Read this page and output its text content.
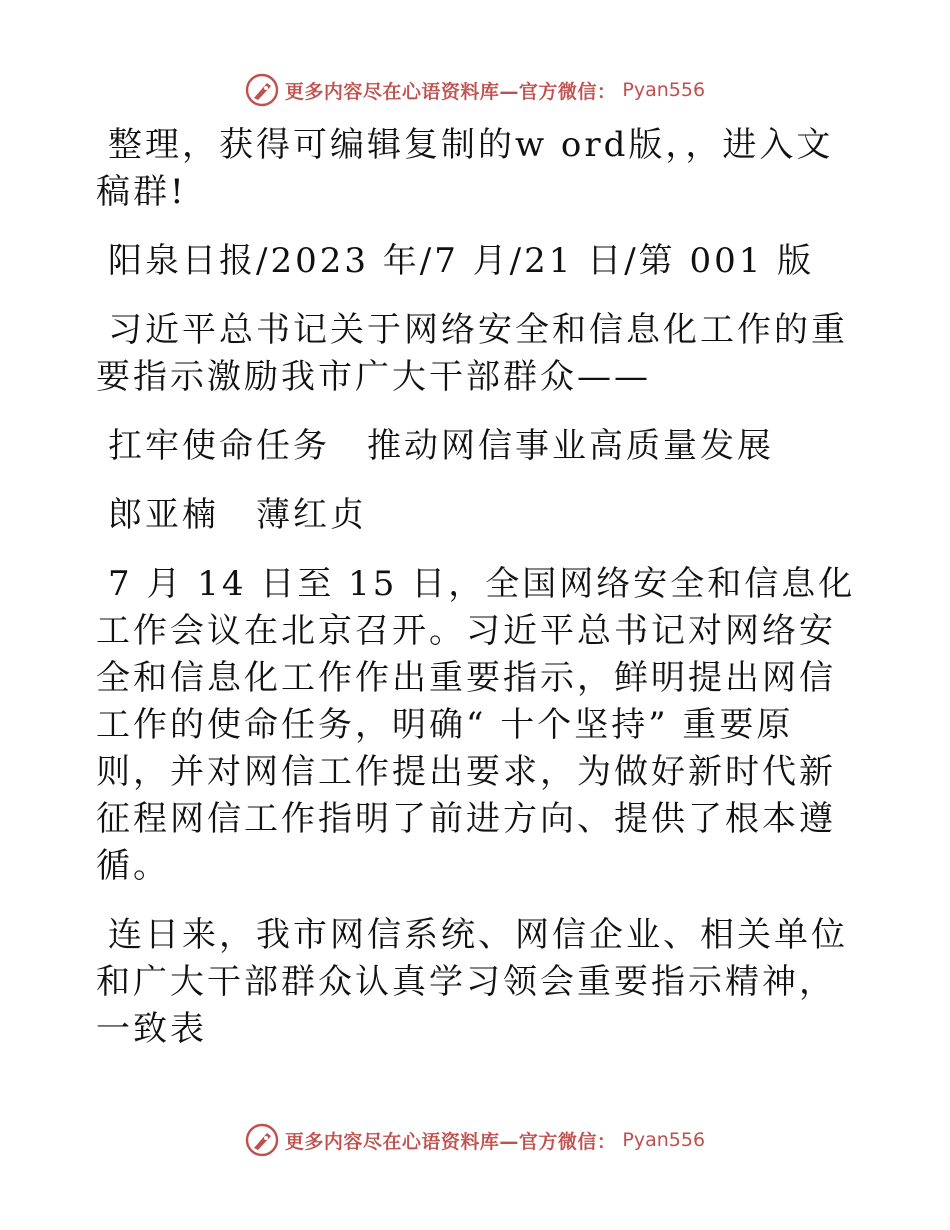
更多内容尽在心语资料库—官方微信： Pyan556

整理，获得可编辑复制的w ord版，，进入文稿群!

阳泉日报/2023 年/7 月/21 日/第 001 版

习近平总书记关于网络安全和信息化工作的重要指示激励我市广大干部群众——

扛牢使命任务　推动网信事业高质量发展

郎亚楠　薄红贞

7 月 14 日至 15 日，全国网络安全和信息化工作会议在北京召开。习近平总书记对网络安全和信息化工作作出重要指示，鲜明提出网信工作的使命任务，明确“ 十个坚持” 重要原则，并对网信工作提出要求，为做好新时代新征程网信工作指明了前进方向、提供了根本遵循。

连日来，我市网信系统、网信企业、相关单位和广大干部群众认真学习领会重要指示精神，一致表

更多内容尽在心语资料库—官方微信： Pyan556
